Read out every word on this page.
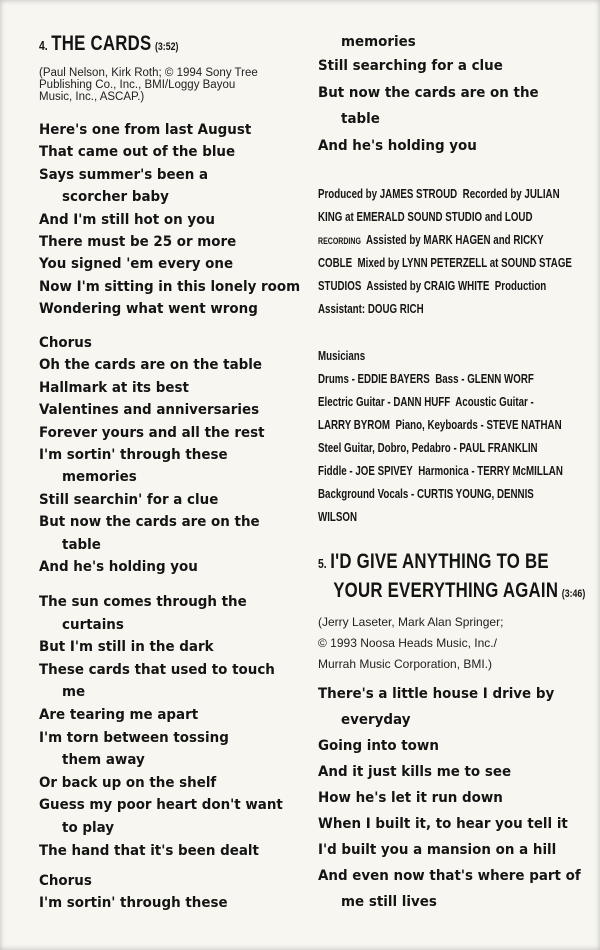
4. THE CARDS (3:52)
(Paul Nelson, Kirk Roth; © 1994 Sony Tree
Publishing Co., Inc., BMI/Loggy Bayou
Music, Inc., ASCAP.)
Here's one from last August
That came out of the blue
Says summer's been a
scorcher baby
And I'm still hot on you
There must be 25 or more
You signed 'em every one
Now I'm sitting in this lonely room
Wondering what went wrong
Chorus
Oh the cards are on the table
Hallmark at its best
Valentines and anniversaries
Forever yours and all the rest
I'm sortin' through these
memories
Still searchin' for a clue
But now the cards are on the
table
And he's holding you
The sun comes through the
curtains
But I'm still in the dark
These cards that used to touch
me
Are tearing me apart
I'm torn between tossing
them away
Or back up on the shelf
Guess my poor heart don't want
to play
The hand that it's been dealt
Chorus
I'm sortin' through these
memories
Still searching for a clue
But now the cards are on the
table
And he's holding you
Produced by JAMES STROUD Recorded by JULIAN
KING at EMERALD SOUND STUDIO and LOUD
RECORDING Assisted by MARK HAGEN and RICKY
COBLE Mixed by LYNN PETERZELL at SOUND STAGE
STUDIOS Assisted by CRAIG WHITE Production
Assistant: DOUG RICH
Musicians
Drums - EDDIE BAYERS Bass - GLENN WORF
Electric Guitar - DANN HUFF Acoustic Guitar -
LARRY BYROM Piano, Keyboards - STEVE NATHAN
Steel Guitar, Dobro, Pedabro - PAUL FRANKLIN
Fiddle - JOE SPIVEY Harmonica - TERRY McMILLAN
Background Vocals - CURTIS YOUNG, DENNIS
WILSON
5. I'D GIVE ANYTHING TO BE
YOUR EVERYTHING AGAIN (3:46)
(Jerry Laseter, Mark Alan Springer;
© 1993 Noosa Heads Music, Inc./
Murrah Music Corporation, BMI.)
There's a little house I drive by
everyday
Going into town
And it just kills me to see
How he's let it run down
When I built it, to hear you tell it
I'd built you a mansion on a hill
And even now that's where part of
me still lives
